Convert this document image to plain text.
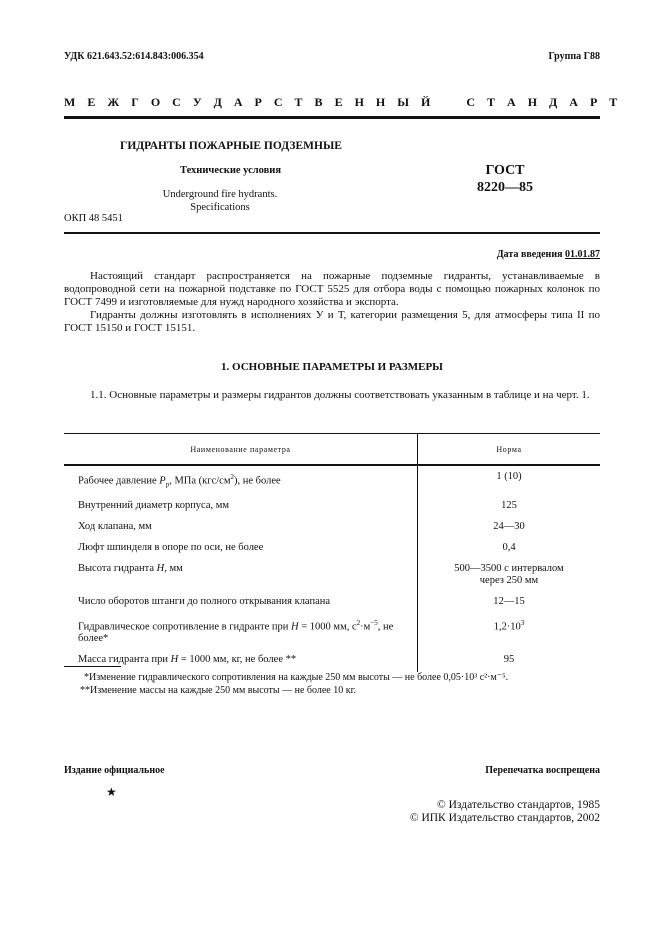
УДК 621.643.52:614.843:006.354	Группа Г88
М Е Ж Г О С У Д А Р С Т В Е Н Н Ы Й   С Т А Н Д А Р Т
ГИДРАНТЫ ПОЖАРНЫЕ ПОДЗЕМНЫЕ
Технические условия
Underground fire hydrants.
Specifications
ОКП 48 5451
ГОСТ
8220—85
Дата введения 01.01.87

Настоящий стандарт распространяется на пожарные подземные гидранты, устанавливаемые в водопроводной сети на пожарной подставке по ГОСТ 5525 для отбора воды с помощью пожарных колонок по ГОСТ 7499 и изготовляемые для нужд народного хозяйства и экспорта.

Гидранты должны изготовлять в исполнениях У и Т, категории размещения 5, для атмосферы типа II по ГОСТ 15150 и ГОСТ 15151.

1. ОСНОВНЫЕ ПАРАМЕТРЫ И РАЗМЕРЫ

1.1. Основные параметры и размеры гидрантов должны соответствовать указанным в таблице и на черт. 1.

Наименование параметра	Норма
Рабочее давление $P_р$, МПа $(кгс/см^2)$, не более	1 (10)
Внутренний диаметр корпуса, мм	125
Ход клапана, мм	24—30
Люфт шпинделя в опоре по оси, не более	0,4
Высота гидранта H, мм	500—3500 с интервалом через 250 мм
Число оборотов штанги до полного открывания клапана	12—15
Гидравлическое сопротивление в гидранте при H = 1000 мм, $с^2\cdot м^{-5}$, не более*	$1,2\cdot 10^3$
Масса гидранта при H = 1000 мм, кг, не более **	95
*Изменение гидравлического сопротивления на каждые 250 мм высоты — не более 0,05·10³ с²·м⁻⁵.
**Изменение массы на каждые 250 мм высоты — не более 10 кг.
Издание официальное	Перепечатка воспрещена
★
© Издательство стандартов, 1985
© ИПК Издательство стандартов, 2002
